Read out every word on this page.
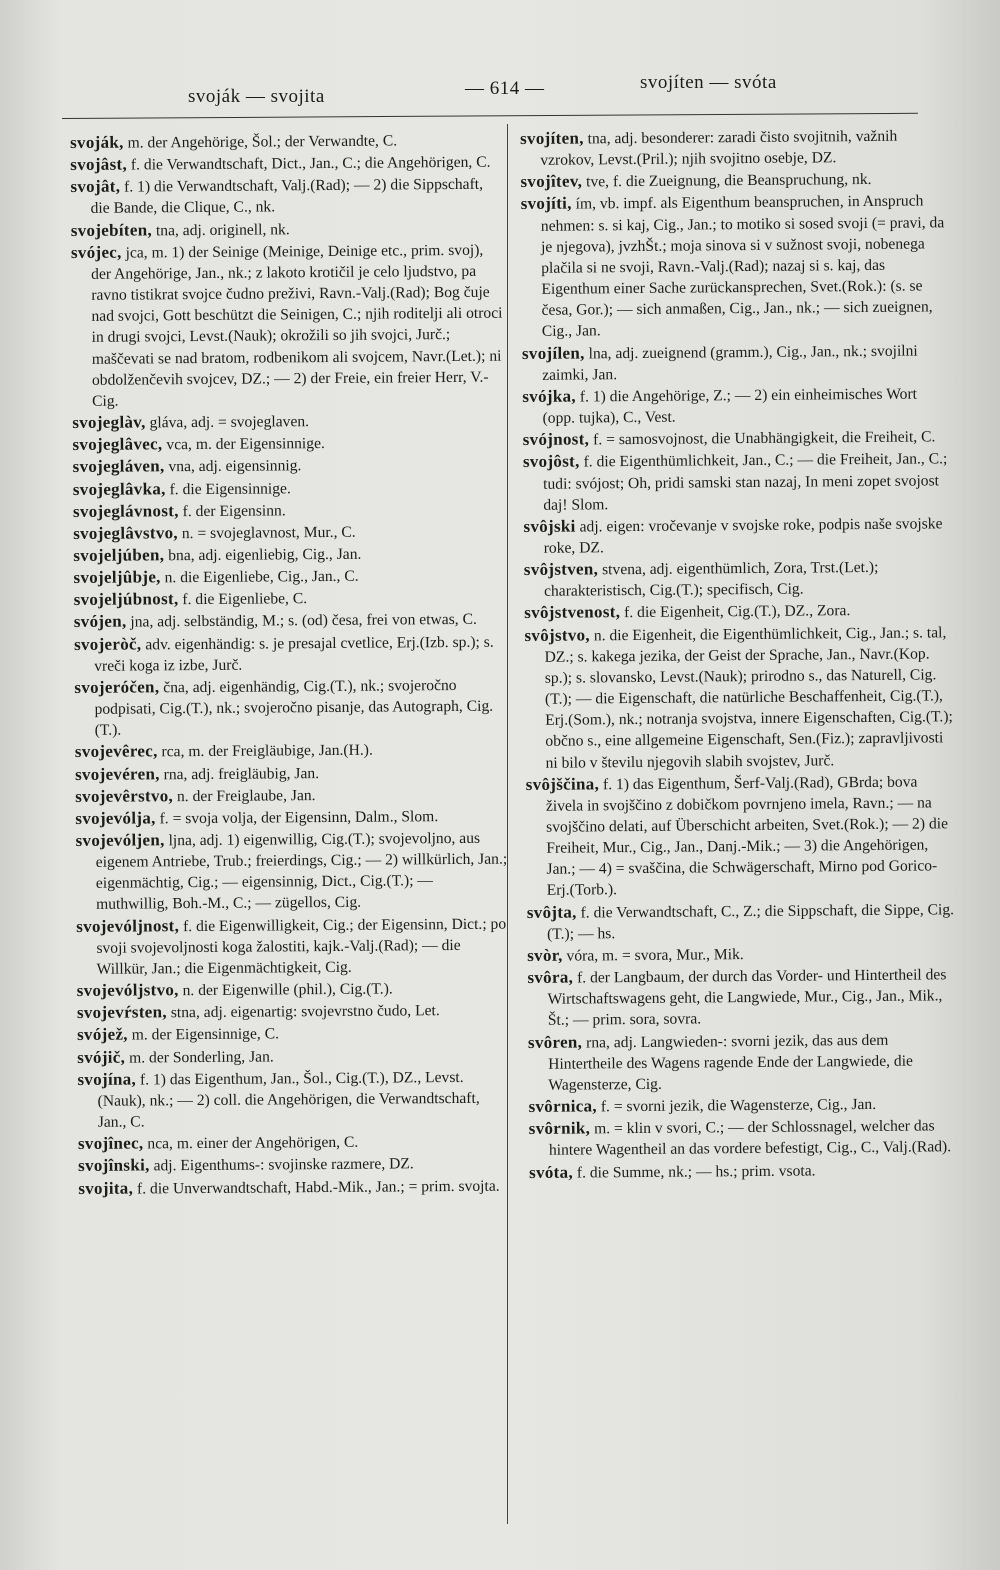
svoják — svojita	— 614 —	svojíten — svóta

svoják, m. der Angehörige, Šol.; der Verwandte, C.

svojâst, f. die Verwandtschaft, Dict., Jan., C.; die Angehörigen, C.

svojât, f. 1) die Verwandtschaft, Valj.(Rad); — 2) die Sippschaft, die Bande, die Clique, C., nk.

svojebíten, tna, adj. originell, nk.

svójec, jca, m. 1) der Seinige (Meinige, Deinige etc., prim. svoj), der Angehörige, Jan., nk.; z lakoto krotičil je celo ljudstvo, pa ravno tistikrat svojce čudno preživi, Ravn.-Valj.(Rad); Bog čuje nad svojci, Gott beschützt die Seinigen, C.; njih roditelji ali otroci in drugi svojci, Levst.(Nauk); okrožili so jih svojci, Jurč.; maščevati se nad bratom, rodbenikom ali svojcem, Navr.(Let.); ni obdolženčevih svojcev, DZ.; — 2) der Freie, ein freier Herr, V.-Cig.

svojeglàv, gláva, adj. = svojeglaven.

svojeglâvec, vca, m. der Eigensinnige.

svojegláven, vna, adj. eigensinnig.

svojeglâvka, f. die Eigensinnige.

svojeglávnost, f. der Eigensinn.

svojeglâvstvo, n. = svojeglavnost, Mur., C.

svojeljúben, bna, adj. eigenliebig, Cig., Jan.

svojeljûbje, n. die Eigenliebe, Cig., Jan., C.

svojeljúbnost, f. die Eigenliebe, C.

svójen, jna, adj. selbständig, M.; s. (od) česa, frei von etwas, C.

svojeròč, adv. eigenhändig: s. je presajal cvetlice, Erj.(Izb. sp.); s. vreči koga iz izbe, Jurč.

svojeróčen, čna, adj. eigenhändig, Cig.(T.), nk.; svojeročno podpisati, Cig.(T.), nk.; svojeročno pisanje, das Autograph, Cig.(T.).

svojevêrec, rca, m. der Freigläubige, Jan.(H.).

svojevéren, rna, adj. freigläubig, Jan.

svojevêrstvo, n. der Freiglaube, Jan.

svojevólja, f. = svoja volja, der Eigensinn, Dalm., Slom.

svojevóljen, ljna, adj. 1) eigenwillig, Cig.(T.); svojevoljno, aus eigenem Antriebe, Trub.; freierdings, Cig.; — 2) willkürlich, Jan.; eigenmächtig, Cig.; — eigensinnig, Dict., Cig.(T.); — muthwillig, Boh.-M., C.; — zügellos, Cig.

svojevóljnost, f. die Eigenwilligkeit, Cig.; der Eigensinn, Dict.; po svoji svojevoljnosti koga žalostiti, kajk.-Valj.(Rad); — die Willkür, Jan.; die Eigenmächtigkeit, Cig.

svojevóljstvo, n. der Eigenwille (phil.), Cig.(T.).

svojevŕsten, stna, adj. eigenartig: svojevrstno čudo, Let.

svójež, m. der Eigensinnige, C.

svójič, m. der Sonderling, Jan.

svojína, f. 1) das Eigenthum, Jan., Šol., Cig.(T.), DZ., Levst.(Nauk), nk.; — 2) coll. die Angehörigen, die Verwandtschaft, Jan., C.

svojînec, nca, m. einer der Angehörigen, C.

svojînski, adj. Eigenthums-: svojinske razmere, DZ.

svojita, f. die Unverwandtschaft, Habd.-Mik., Jan.; = prim. svojta.

svojíten, tna, adj. besonderer: zaradi čisto svojitnih, važnih vzrokov, Levst.(Pril.); njih svojitno osebje, DZ.

svojîtev, tve, f. die Zueignung, die Beanspruchung, nk.

svojíti, ím, vb. impf. als Eigenthum beanspruchen, in Anspruch nehmen: s. si kaj, Cig., Jan.; to motiko si sosed svoji (= pravi, da je njegova), jvzhŠt.; moja sinova si v sužnost svoji, nobenega plačila si ne svoji, Ravn.-Valj.(Rad); nazaj si s. kaj, das Eigenthum einer Sache zurückansprechen, Svet.(Rok.): (s. se česa, Gor.); — sich anmaßen, Cig., Jan., nk.; — sich zueignen, Cig., Jan.

svojílen, lna, adj. zueignend (gramm.), Cig., Jan., nk.; svojilni zaimki, Jan.

svójka, f. 1) die Angehörige, Z.; — 2) ein einheimisches Wort (opp. tujka), C., Vest.

svójnost, f. = samosvojnost, die Unabhängigkeit, die Freiheit, C.

svojôst, f. die Eigenthümlichkeit, Jan., C.; — die Freiheit, Jan., C.; tudi: svójost; Oh, pridi samski stan nazaj, In meni zopet svojost daj! Slom.

svôjski adj. eigen: vročevanje v svojske roke, podpis naše svojske roke, DZ.

svôjstven, stvena, adj. eigenthümlich, Zora, Trst.(Let.); charakteristisch, Cig.(T.); specifisch, Cig.

svôjstvenost, f. die Eigenheit, Cig.(T.), DZ., Zora.

svôjstvo, n. die Eigenheit, die Eigenthümlichkeit, Cig., Jan.; s. tal, DZ.; s. kakega jezika, der Geist der Sprache, Jan., Navr.(Kop. sp.); s. slovansko, Levst.(Nauk); prirodno s., das Naturell, Cig.(T.); — die Eigenschaft, die natürliche Beschaffenheit, Cig.(T.), Erj.(Som.), nk.; notranja svojstva, innere Eigenschaften, Cig.(T.); občno s., eine allgemeine Eigenschaft, Sen.(Fiz.); zapravljivosti ni bilo v številu njegovih slabih svojstev, Jurč.

svôjščina, f. 1) das Eigenthum, Šerf-Valj.(Rad), GBrda; bova živela in svojščino z dobičkom povrnjeno imela, Ravn.; — na svojščino delati, auf Überschicht arbeiten, Svet.(Rok.); — 2) die Freiheit, Mur., Cig., Jan., Danj.-Mik.; — 3) die Angehörigen, Jan.; — 4) = svaščina, die Schwägerschaft, Mirno pod Gorico-Erj.(Torb.).

svôjta, f. die Verwandtschaft, C., Z.; die Sippschaft, die Sippe, Cig.(T.); — hs.

svòr, vóra, m. = svora, Mur., Mik.

svôra, f. der Langbaum, der durch das Vorder- und Hintertheil des Wirtschaftswagens geht, die Langwiede, Mur., Cig., Jan., Mik., Št.; — prim. sora, sovra.

svôren, rna, adj. Langwieden-: svorni jezik, das aus dem Hintertheile des Wagens ragende Ende der Langwiede, die Wagensterze, Cig.

svôrnica, f. = svorni jezik, die Wagensterze, Cig., Jan.

svôrnik, m. = klin v svori, C.; — der Schlossnagel, welcher das hintere Wagentheil an das vordere befestigt, Cig., C., Valj.(Rad).

svóta, f. die Summe, nk.; — hs.; prim. vsota.
